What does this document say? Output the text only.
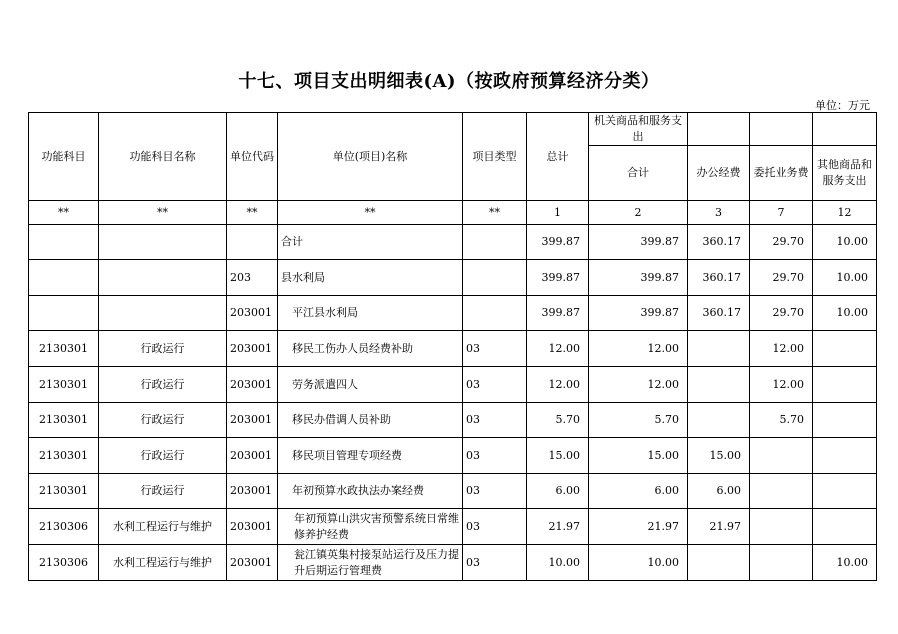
十七、项目支出明细表(A)（按政府预算经济分类）
单位：万元
功能科目	功能科目名称	单位代码	单位(项目)名称	项目类型	总计	机关商品和服务支出			
						合计	办公经费	委托业务费	其他商品和服务支出
**	**	**	**	**	1	2	3	7	12
			合计		399.87	399.87	360.17	29.70	10.00
		203	县水利局		399.87	399.87	360.17	29.70	10.00
		203001	平江县水利局		399.87	399.87	360.17	29.70	10.00
2130301	行政运行	203001	移民工伤办人员经费补助	03	12.00	12.00		12.00	
2130301	行政运行	203001	劳务派遣四人	03	12.00	12.00		12.00	
2130301	行政运行	203001	移民办借调人员补助	03	5.70	5.70		5.70	
2130301	行政运行	203001	移民项目管理专项经费	03	15.00	15.00	15.00		
2130301	行政运行	203001	年初预算水政执法办案经费	03	6.00	6.00	6.00		
2130306	水利工程运行与维护	203001	年初预算山洪灾害预警系统日常维修养护经费	03	21.97	21.97	21.97		
2130306	水利工程运行与维护	203001	瓮江镇英集村接泵站运行及压力提升后期运行管理费	03	10.00	10.00			10.00
